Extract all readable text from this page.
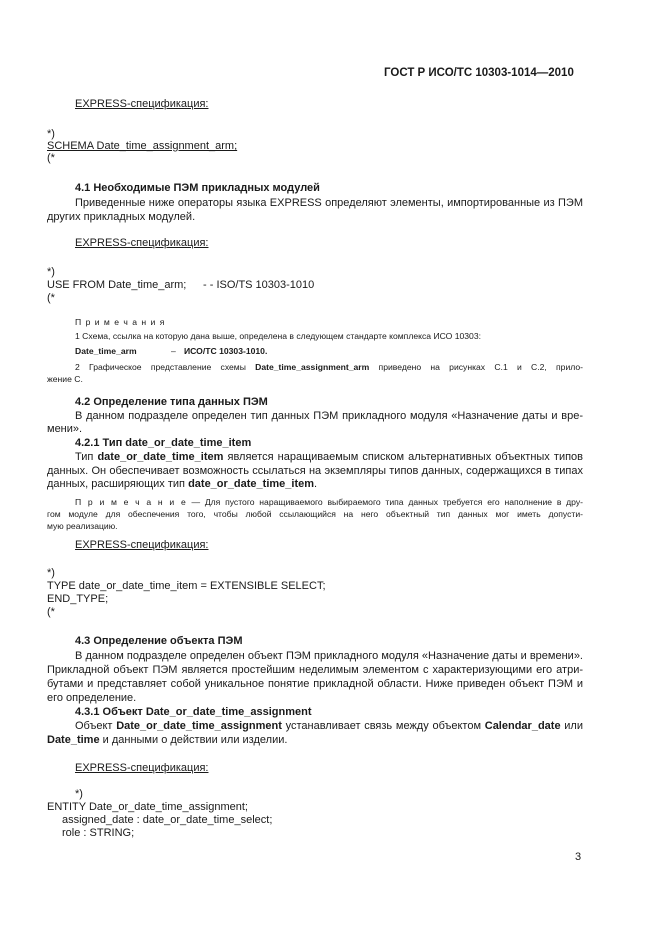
ГОСТ Р ИСО/ТС 10303-1014—2010
EXPRESS-спецификация:
*)
SCHEMA Date_time_assignment_arm;
(*
4.1 Необходимые ПЭМ прикладных модулей
Приведенные ниже операторы языка EXPRESS определяют элементы, импортированные из ПЭМ
других прикладных модулей.
EXPRESS-спецификация:
*)
USE FROM Date_time_arm; - - ISO/TS 10303-1010
(*
П р и м е ч а н и я
1 Схема, ссылка на которую дана выше, определена в следующем стандарте комплекса ИСО 10303:
Date_time_arm	– ИСО/ТС 10303-1010.
2 Графическое представление схемы Date_time_assignment_arm приведено на рисунках С.1 и С.2, прило-
жение С.
4.2 Определение типа данных ПЭМ
В данном подразделе определен тип данных ПЭМ прикладного модуля «Назначение даты и вре-
мени».
4.2.1 Тип date_or_date_time_item
Тип date_or_date_time_item является наращиваемым списком альтернативных объектных типов
данных. Он обеспечивает возможность ссылаться на экземпляры типов данных, содержащихся в типах
данных, расширяющих тип date_or_date_time_item.
П р и м е ч а н и е — Для пустого наращиваемого выбираемого типа данных требуется его наполнение в дру-
гом модуле для обеспечения того, чтобы любой ссылающийся на него объектный тип данных мог иметь допусти-
мую реализацию.
EXPRESS-спецификация:
*)
TYPE date_or_date_time_item = EXTENSIBLE SELECT;
END_TYPE;
(*
4.3 Определение объекта ПЭМ
В данном подразделе определен объект ПЭМ прикладного модуля «Назначение даты и времени».
Прикладной объект ПЭМ является простейшим неделимым элементом с характеризующими его атри-
бутами и представляет собой уникальное понятие прикладной области. Ниже приведен объект ПЭМ и
его определение.
4.3.1 Объект Date_or_date_time_assignment
Объект Date_or_date_time_assignment устанавливает связь между объектом Calendar_date или
Date_time и данными о действии или изделии.
EXPRESS-спецификация:
*)
ENTITY Date_or_date_time_assignment;
assigned_date : date_or_date_time_select;
role : STRING;
3
